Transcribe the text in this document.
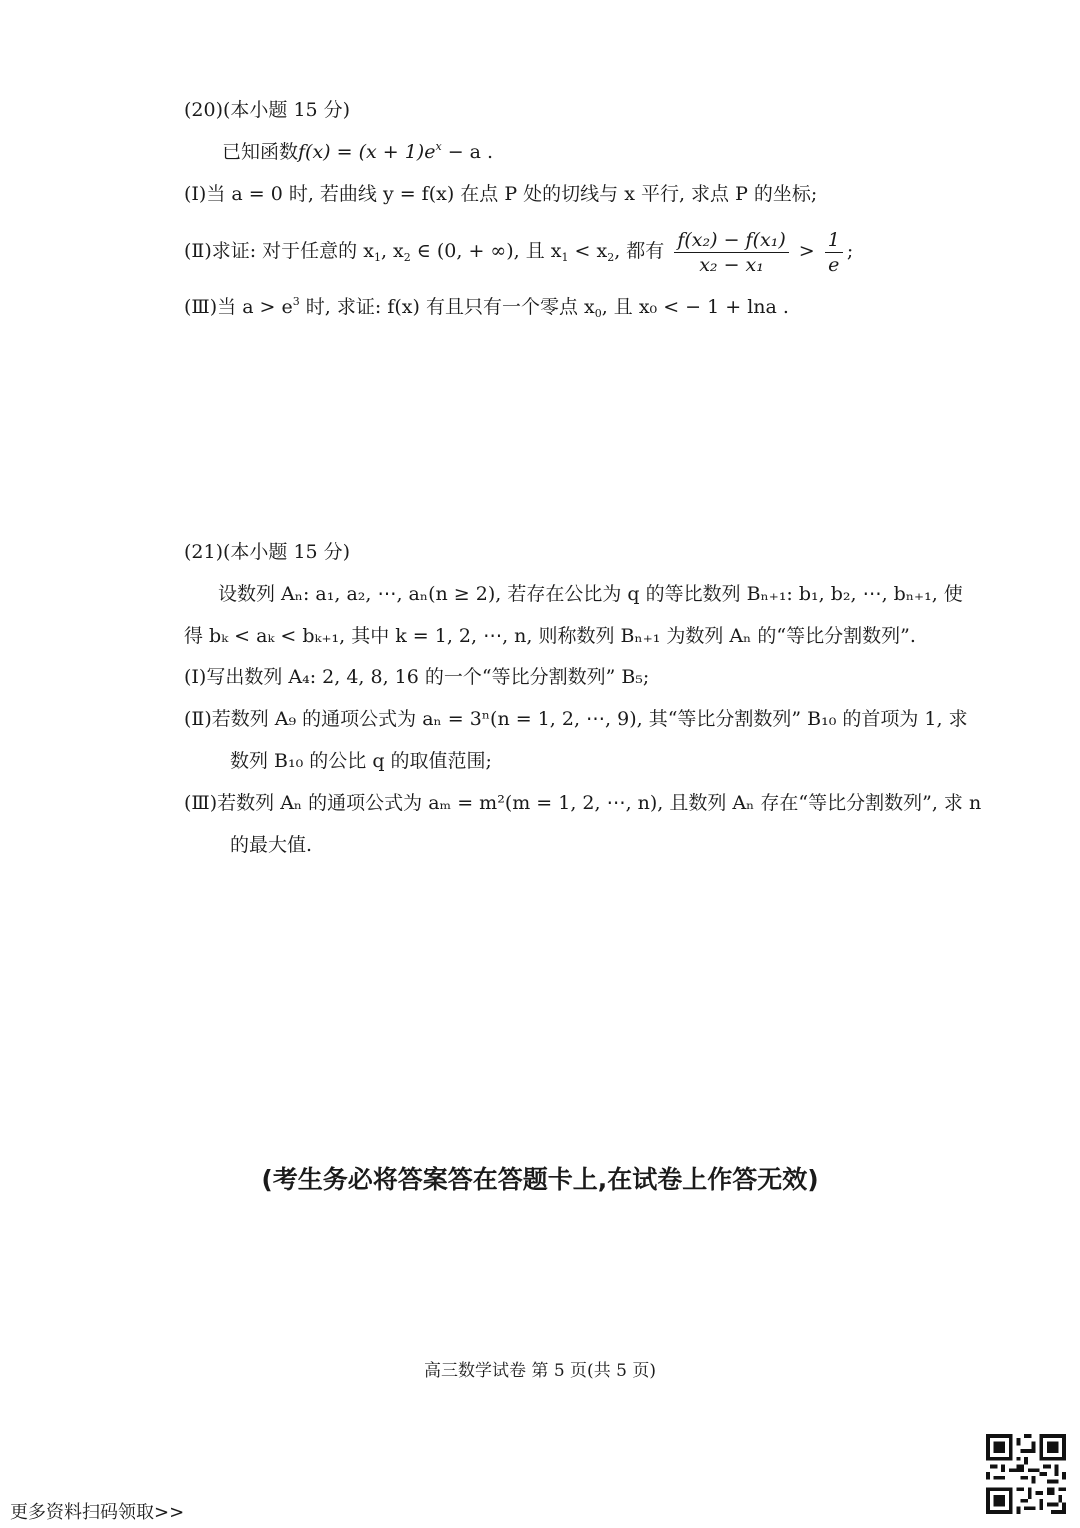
(20)(本小题 15 分)
已知函数$f(x) = (x + 1)e^x - a$ .
(Ⅰ)当 a = 0 时, 若曲线 y = f(x) 在点 P 处的切线与 x 平行, 求点 P 的坐标;
(Ⅱ)求证: 对于任意的 $x_1$, $x_2$ ∈ (0, + ∞), 且 $x_1 < x_2$, 都有 $\frac{\text{f(x₂) − f(x₁)}}{\text{x₂ − x₁}} > \frac{1}{e}$ ;
(Ⅲ)当 $a > e^3$ 时, 求证: f(x) 有且只有一个零点 $x_0$, 且 x₀ < − 1 + lna .
(21)(本小题 15 分)
设数列 Aₙ: a₁, a₂, ⋯, aₙ(n ≥ 2), 若存在公比为 q 的等比数列 Bₙ₊₁: b₁, b₂, ⋯, bₙ₊₁, 使
得 bₖ < aₖ < bₖ₊₁, 其中 k = 1, 2, ⋯, n, 则称数列 Bₙ₊₁ 为数列 Aₙ 的“等比分割数列”.
(Ⅰ)写出数列 A₄: 2, 4, 8, 16 的一个“等比分割数列” B₅;
(Ⅱ)若数列 A₉ 的通项公式为 aₙ = 3ⁿ(n = 1, 2, ⋯, 9), 其“等比分割数列” B₁₀ 的首项为 1, 求
数列 B₁₀ 的公比 q 的取值范围;
(Ⅲ)若数列 Aₙ 的通项公式为 aₘ = m²(m = 1, 2, ⋯, n), 且数列 Aₙ 存在“等比分割数列”, 求 n
的最大值.
(考生务必将答案答在答题卡上,在试卷上作答无效)
高三数学试卷 第 5 页(共 5 页)
更多资料扫码领取>>
